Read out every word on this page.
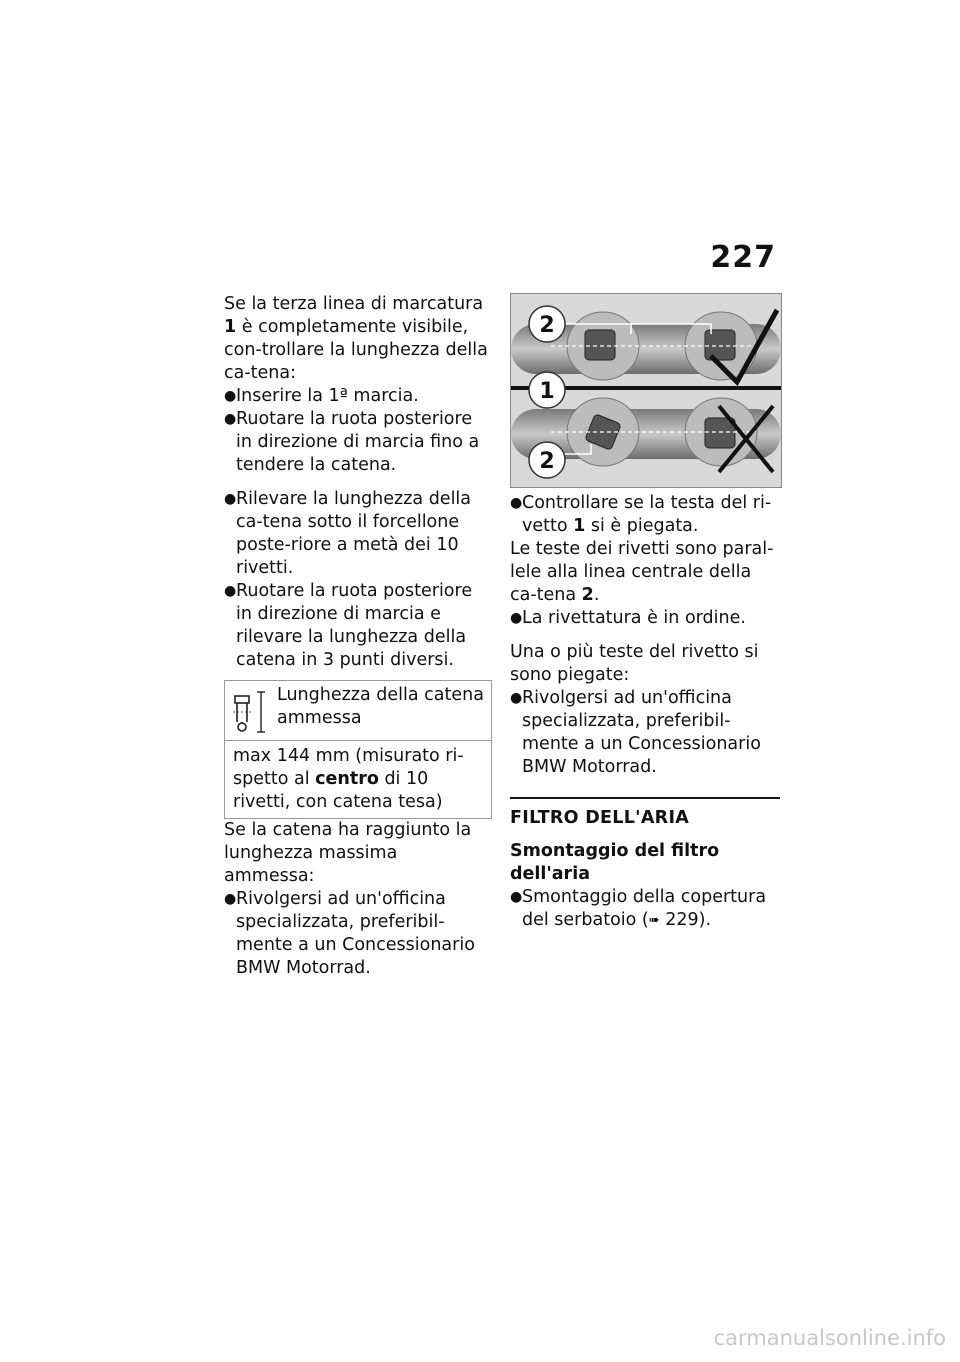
227

Se la terza linea di marcatura 1 è completamente visibile, con-trollare la lunghezza della ca-tena:

● Inserire la 1ª marcia.
● Ruotare la ruota posteriore in direzione di marcia fino a tendere la catena.
● Rilevare la lunghezza della ca-tena sotto il forcellone poste-riore a metà dei 10 rivetti.
● Ruotare la ruota posteriore in direzione di marcia e rilevare la lunghezza della catena in 3 punti diversi.
Lunghezza della catena ammessa
max 144 mm (misurato ri-spetto al centro di 10 rivetti, con catena tesa)

Se la catena ha raggiunto la lunghezza massima ammessa:

● Rivolgersi ad un'officina specializzata, preferibil-mente a un Concessionario BMW Motorrad.
2
1
2
● Controllare se la testa del ri-vetto 1 si è piegata.

Le teste dei rivetti sono paral-lele alla linea centrale della ca-tena 2.

● La rivettatura è in ordine.

Una o più teste del rivetto si sono piegate:

● Rivolgersi ad un'officina specializzata, preferibil-mente a un Concessionario BMW Motorrad.
FILTRO DELL'ARIA
Smontaggio del filtro dell'aria
● Smontaggio della copertura del serbatoio (➠ 229).
carmanualsonline.info
